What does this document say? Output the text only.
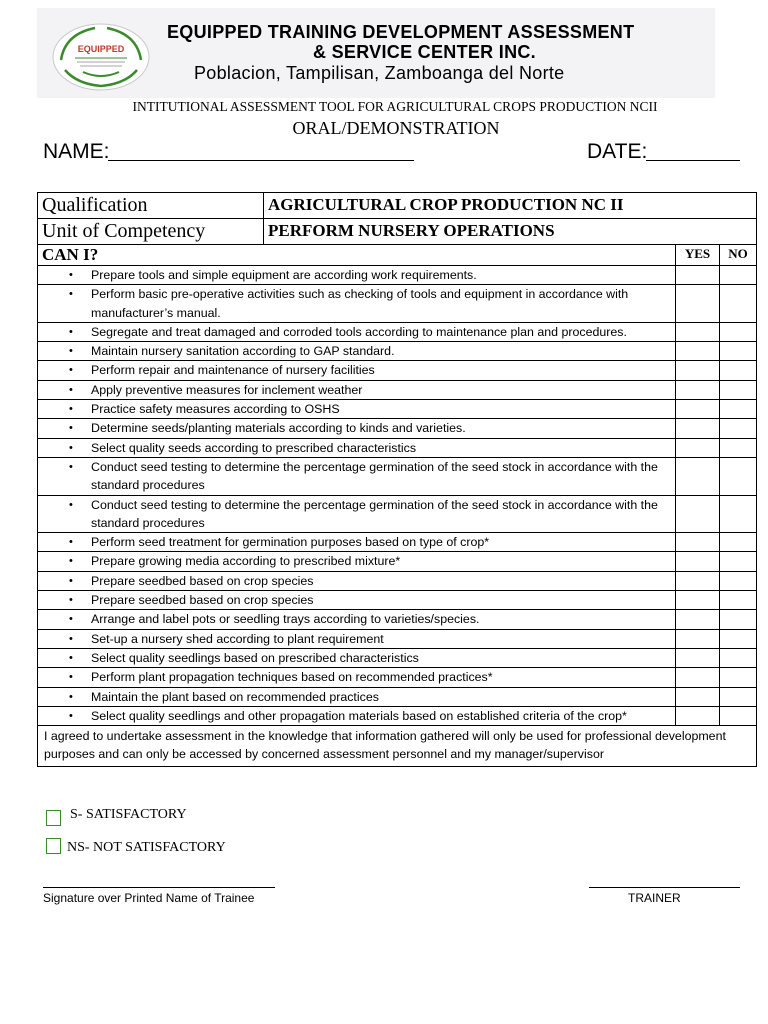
EQUIPPED
EQUIPPED TRAINING DEVELOPMENT ASSESSMENT
& SERVICE CENTER INC.
Poblacion, Tampilisan, Zamboanga del Norte
INTITUTIONAL ASSESSMENT TOOL FOR AGRICULTURAL CROPS PRODUCTION NCII
ORAL/DEMONSTRATION
NAME:	DATE:
Qualification	AGRICULTURAL CROP PRODUCTION NC II		
Unit of Competency	PERFORM NURSERY OPERATIONS		
CAN I?		YES	NO

• Prepare tools and simple equipment are according work requirements.			

• Perform basic pre-operative activities such as checking of tools and equipment in accordance with manufacturer’s manual.			

• Segregate and treat damaged and corroded tools according to maintenance plan and procedures.			

• Maintain nursery sanitation according to GAP standard.			

• Perform repair and maintenance of nursery facilities			

• Apply preventive measures for inclement weather			

• Practice safety measures according to OSHS			

• Determine seeds/planting materials according to kinds and varieties.			

• Select quality seeds according to prescribed characteristics			

• Conduct seed testing to determine the percentage germination of the seed stock in accordance with the standard procedures			

• Conduct seed testing to determine the percentage germination of the seed stock in accordance with the standard procedures			

• Perform seed treatment for germination purposes based on type of crop*			

• Prepare growing media according to prescribed mixture*			

• Prepare seedbed based on crop species			

• Prepare seedbed based on crop species			

• Arrange and label pots or seedling trays according to varieties/species.			

• Set-up a nursery shed according to plant requirement			

• Select quality seedlings based on prescribed characteristics			

• Perform plant propagation techniques based on recommended practices*			

• Maintain the plant based on recommended practices			

• Select quality seedlings and other propagation materials based on established criteria of the crop*			
I agreed to undertake assessment in the knowledge that information gathered will only be used for professional development purposes and can only be accessed by concerned assessment personnel and my manager/supervisor			
S- SATISFACTORY
NS- NOT SATISFACTORY
Signature over Printed Name of Trainee	TRAINER
